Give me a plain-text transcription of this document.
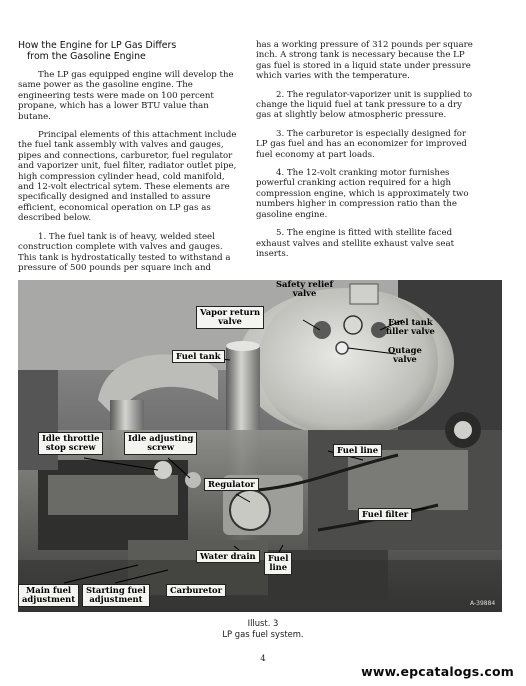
How the Engine for LP Gas Differs
from the Gasoline Engine

The LP gas equipped engine will develop the same power as the gasoline engine. The engineering tests were made on 100 percent propane, which has a lower BTU value than butane.

Principal elements of this attachment include the fuel tank assembly with valves and gauges, pipes and connections, carburetor, fuel regulator and vaporizer unit, fuel filter, radiator outlet pipe, high compression cylinder head, cold manifold, and 12-volt electrical sytem. These elements are specifically designed and installed to assure efficient, economical operation on LP gas as described below.

1. The fuel tank is of heavy, welded steel construction complete with valves and gauges. This tank is hydrostatically tested to withstand a pressure of 500 pounds per square inch and

has a working pressure of 312 pounds per square inch. A strong tank is necessary because the LP gas fuel is stored in a liquid state under pressure which varies with the temperature.

2. The regulator-vaporizer unit is supplied to change the liquid fuel at tank pressure to a dry gas at slightly below atmospheric pressure.

3. The carburetor is especially designed for LP gas fuel and has an economizer for improved fuel economy at part loads.

4. The 12-volt cranking motor furnishes powerful cranking action required for a high compression engine, which is approximately two numbers higher in compression ratio than the gasoline engine.

5. The engine is fitted with stellite faced exhaust valves and stellite exhaust valve seat inserts.

Safety relief
valve
Vapor return
valve	Fuel tank
filler valve
Fuel tank
Outage
valve
Idle throttle
stop screw
Idle adjusting
screw	Fuel line
Regulator
Fuel filter
Water drain	Fuel
line
Main fuel
adjustment
Starting fuel
adjustment
Carburetor
A-39884
Illust. 3
LP gas fuel system.
4
www.epcatalogs.com
